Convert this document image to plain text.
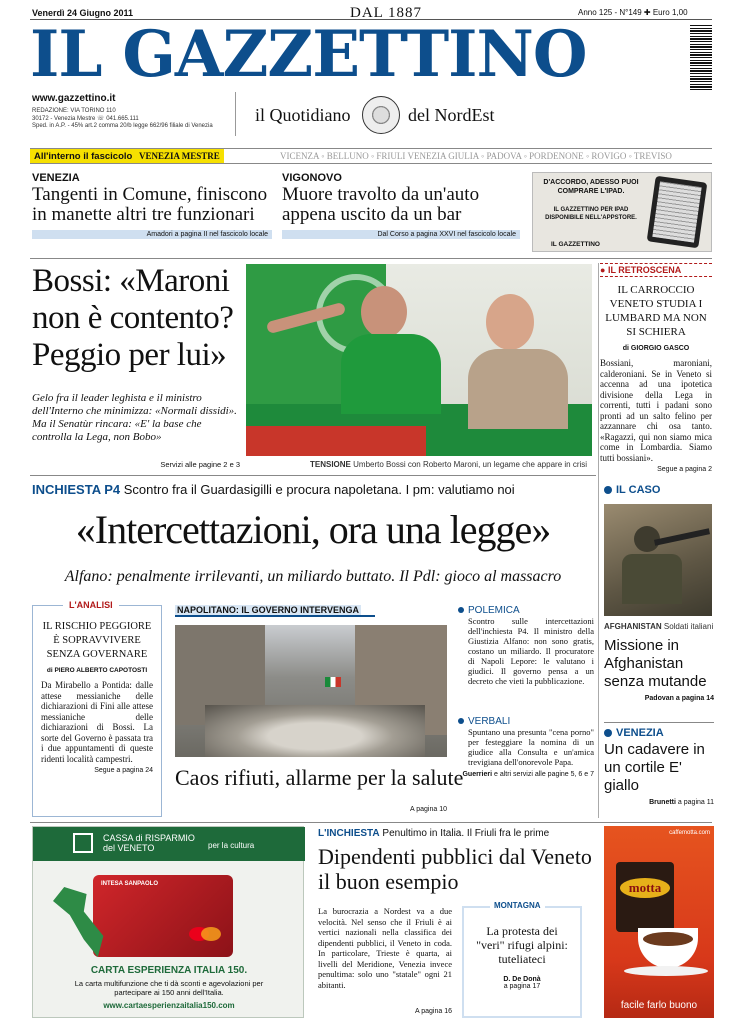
Venerdì 24 Giugno 2011	DAL 1887	Anno 125 - N°149 ✚ Euro 1,00
IL GAZZETTINO
www.gazzettino.it
REDAZIONE: VIA TORINO 110
30172 - Venezia Mestre ☏ 041.665.111
Sped. in A.P. - 45% art.2 comma 20/b legge 662/96 filiale di Venezia
il Quotidiano	del NordEst
All'interno il fascicolo VENEZIA MESTRE	VICENZA ◦ BELLUNO ◦ FRIULI VENEZIA GIULIA ◦ PADOVA ◦ PORDENONE ◦ ROVIGO ◦ TREVISO
VENEZIA
Tangenti in Comune, finiscono in manette altri tre funzionari
Amadori a pagina II nel fascicolo locale
VIGONOVO
Muore travolto da un'auto appena uscito da un bar
Dal Corso a pagina XXVI nel fascicolo locale
D'ACCORDO, ADESSO PUOI COMPRARE L'IPAD.
IL GAZZETTINO PER IPAD DISPONIBILE NELL'APPSTORE.
IL GAZZETTINO
Bossi: «Maroni non è contento? Peggio per lui»
Gelo fra il leader leghista e il ministro dell'Interno che minimizza: «Normali dissidi». Ma il Senatùr rincara: «E' la base che controlla la Lega, non Bobo»
Servizi alle pagine 2 e 3	TENSIONE Umberto Bossi con Roberto Maroni, un legame che appare in crisi
● IL RETROSCENA
IL CARROCCIO VENETO STUDIA I LUMBARD MA NON SI SCHIERA
di GIORGIO GASCO
Bossiani, maroniani, calderoniani. Se in Veneto si accenna ad una ipotetica divisione della Lega in correnti, tutti i padani sono pronti ad un salto felino per azzannare chi osa tanto. «Ragazzi, qui non siamo mica come in Lombardia. Siamo tutti bossiani».
Segue a pagina 2
INCHIESTA P4 Scontro fra il Guardasigilli e procura napoletana. I pm: valutiamo noi
«Intercettazioni, ora una legge»
Alfano: penalmente irrilevanti, un miliardo buttato. Il Pdl: gioco al massacro
IL CASO
AFGHANISTAN Soldati italiani
Missione in Afghanistan senza mutande
Padovan a pagina 14
VENEZIA
Un cadavere in un cortile E' giallo
Brunetti a pagina 11
L'ANALISI
IL RISCHIO PEGGIORE È SOPRAVVIVERE SENZA GOVERNARE
di PIERO ALBERTO CAPOTOSTI
Da Mirabello a Pontida: dalle attese messianiche delle dichiarazioni di Fini alle attese messianiche delle dichiarazioni di Bossi. La sorte del Governo è passata tra i due appuntamenti di queste ridenti località campestri.
Segue a pagina 24
NAPOLITANO: IL GOVERNO INTERVENGA
Caos rifiuti, allarme per la salute
A pagina 10
POLEMICA
Scontro sulle intercettazioni dell'inchiesta P4. Il ministro della Giustizia Alfano: non sono gratis, costano un miliardo. Il procuratore di Napoli Lepore: le valutano i giudici. Il governo pensa a un decreto che vieti la pubblicazione.
VERBALI
Spuntano una presunta "cena porno" per festeggiare la nomina di un giudice alla Consulta e un'amica trevigiana dell'onorevole Papa.
Guerrieri e altri servizi alle pagine 5, 6 e 7
CASSA di RISPARMIO
del VENETO	per la cultura
INTESA SANPAOLO
CARTA ESPERIENZA ITALIA 150.
La carta multifunzione che ti dà sconti e agevolazioni per partecipare ai 150 anni dell'Italia.
www.cartaesperienzaitalia150.com
L'INCHIESTA Penultimo in Italia. Il Friuli fra le prime
Dipendenti pubblici dal Veneto il buon esempio
La burocrazia a Nordest va a due velocità. Nel senso che il Friuli è ai vertici nazionali nella classifica dei dipendenti pubblici, il Veneto in coda. In particolare, Trieste è quarta, ai livelli del Meridione, Venezia invece penultima: solo uno "statale" ogni 21 abitanti.
A pagina 16
MONTAGNA
La protesta dei "veri" rifugi alpini: tuteliateci
D. De Donà
a pagina 17
caffemotta.com
motta
facile farlo buono
